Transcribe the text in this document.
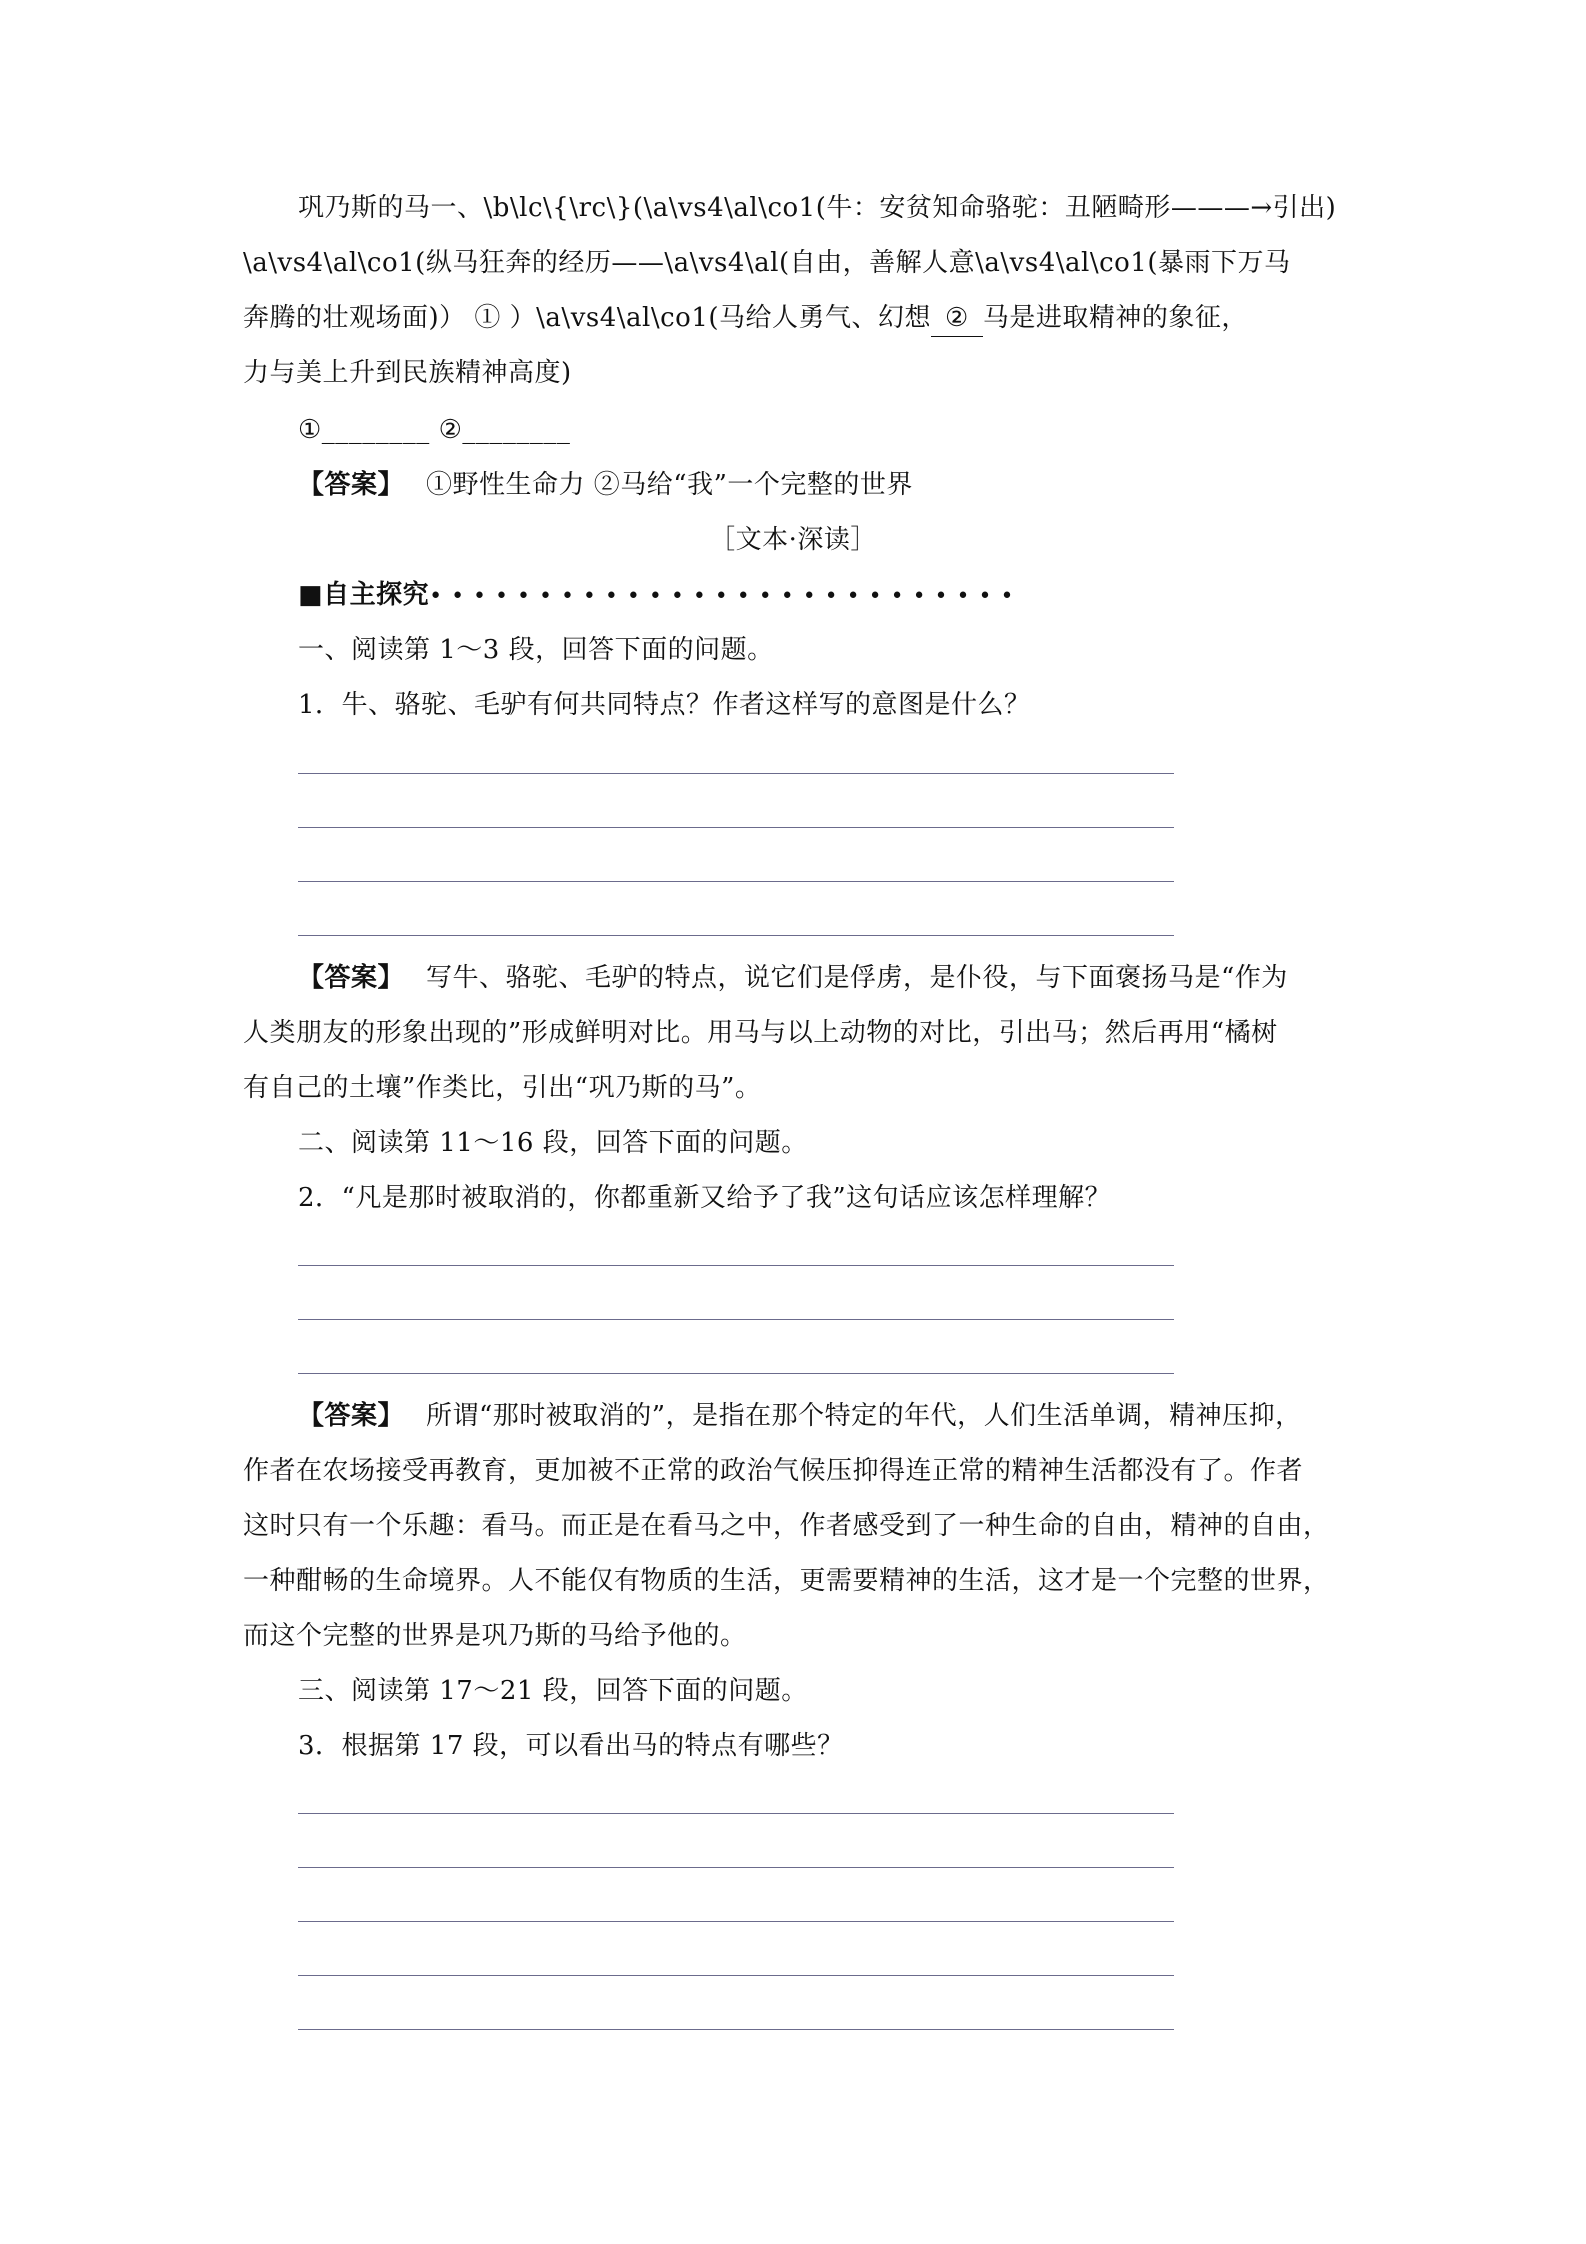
巩乃斯的马一、\b\lc\{\rc\}(\a\vs4\al\co1(牛：安贫知命骆驼：丑陋畸形———→引出)
\a\vs4\al\co1(纵马狂奔的经历——\a\vs4\al(自由，善解人意\a\vs4\al\co1(暴雨下万马
奔腾的壮观场面)） ① ）\a\vs4\al\co1(马给人勇气、幻想 ② 马是进取精神的象征，
力与美上升到民族精神高度)
①________ ②________
【答案】 ①野性生命力 ②马给“我”一个完整的世界
［文本·深读］
■自主探究•••••••••••••••••••••••••••
一、阅读第 1～3 段，回答下面的问题。
1．牛、骆驼、毛驴有何共同特点？作者这样写的意图是什么？
【答案】 写牛、骆驼、毛驴的特点，说它们是俘虏，是仆役，与下面褒扬马是“作为
人类朋友的形象出现的”形成鲜明对比。用马与以上动物的对比，引出马；然后再用“橘树
有自己的土壤”作类比，引出“巩乃斯的马”。
二、阅读第 11～16 段，回答下面的问题。
2．“凡是那时被取消的，你都重新又给予了我”这句话应该怎样理解？
【答案】 所谓“那时被取消的”，是指在那个特定的年代，人们生活单调，精神压抑，
作者在农场接受再教育，更加被不正常的政治气候压抑得连正常的精神生活都没有了。作者
这时只有一个乐趣：看马。而正是在看马之中，作者感受到了一种生命的自由，精神的自由，
一种酣畅的生命境界。人不能仅有物质的生活，更需要精神的生活，这才是一个完整的世界，
而这个完整的世界是巩乃斯的马给予他的。
三、阅读第 17～21 段，回答下面的问题。
3．根据第 17 段，可以看出马的特点有哪些？
